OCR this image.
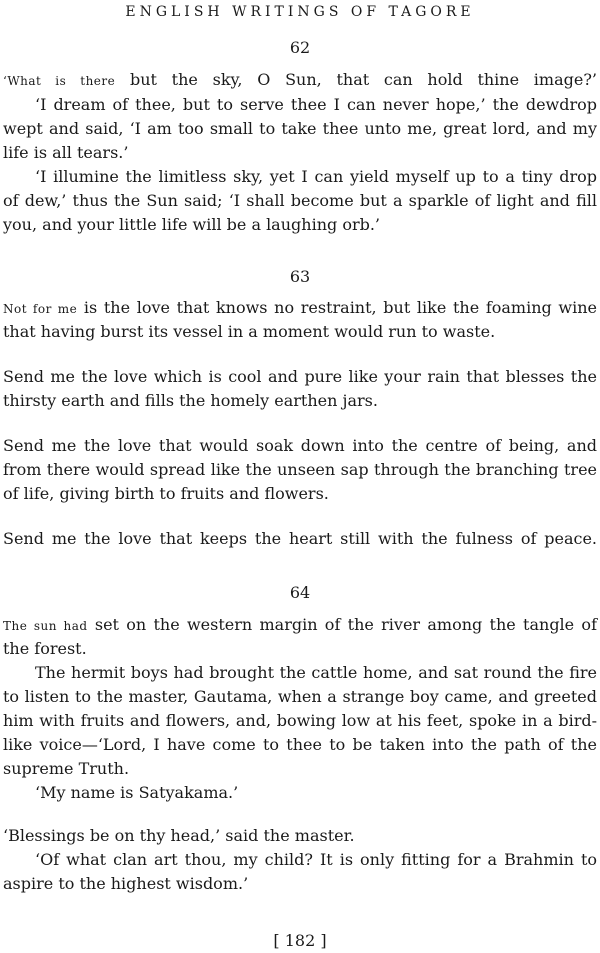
ENGLISH WRITINGS OF TAGORE
62
‘What is there but the sky, O Sun, that can hold thine image?’
‘I dream of thee, but to serve thee I can never hope,’ the dewdrop
wept and said, ‘I am too small to take thee unto me, great lord, and my
life is all tears.’
‘I illumine the limitless sky, yet I can yield myself up to a tiny drop
of dew,’ thus the Sun said; ‘I shall become but a sparkle of light and fill
you, and your little life will be a laughing orb.’
63
Not for me is the love that knows no restraint, but like the foaming wine
that having burst its vessel in a moment would run to waste.
Send me the love which is cool and pure like your rain that blesses the
thirsty earth and fills the homely earthen jars.
Send me the love that would soak down into the centre of being, and
from there would spread like the unseen sap through the branching tree
of life, giving birth to fruits and flowers.
Send me the love that keeps the heart still with the fulness of peace.
64
The sun had set on the western margin of the river among the tangle of
the forest.
The hermit boys had brought the cattle home, and sat round the fire
to listen to the master, Gautama, when a strange boy came, and greeted
him with fruits and flowers, and, bowing low at his feet, spoke in a bird-
like voice—‘Lord, I have come to thee to be taken into the path of the
supreme Truth.
‘My name is Satyakama.’
‘Blessings be on thy head,’ said the master.
‘Of what clan art thou, my child? It is only fitting for a Brahmin to
aspire to the highest wisdom.’
[ 182 ]
